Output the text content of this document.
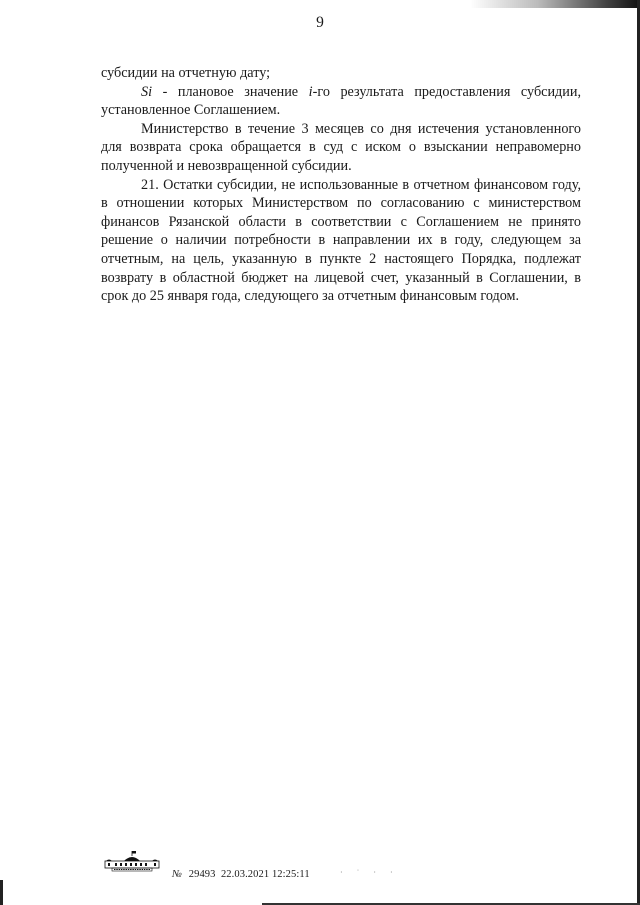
9

субсидии на отчетную дату;

Si - плановое значение i-го результата предоставления субсидии, установленное Соглашением.

Министерство в течение 3 месяцев со дня истечения установленного для возврата срока обращается в суд с иском о взыскании неправомерно полученной и невозвращенной субсидии.

21. Остатки субсидии, не использованные в отчетном финансовом году, в отношении которых Министерством по согласованию с министерством финансов Рязанской области в соответствии с Соглашением не принято решение о наличии потребности в направлении их в году, следующем за отчетным, на цель, указанную в пункте 2 настоящего Порядка, подлежат возврату в областной бюджет на лицевой счет, указанный в Соглашении, в срок до 25 января года, следующего за отчетным финансовым годом.

№ 29493 22.03.2021 12:25:11	· ˙ · ·
